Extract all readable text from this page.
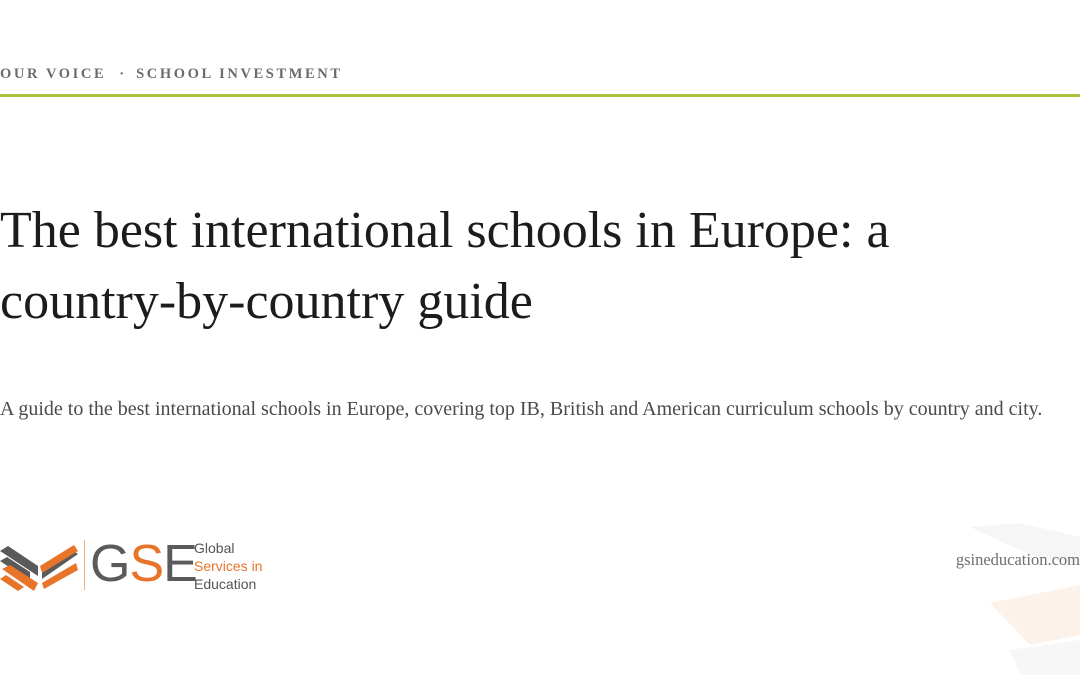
OUR VOICE · SCHOOL INVESTMENT
The best international schools in Europe: a country-by-country guide

A guide to the best international schools in Europe, covering top IB, British and American curriculum schools by country and city.

GSE
Global
Services in
Education
gsineducation.com
